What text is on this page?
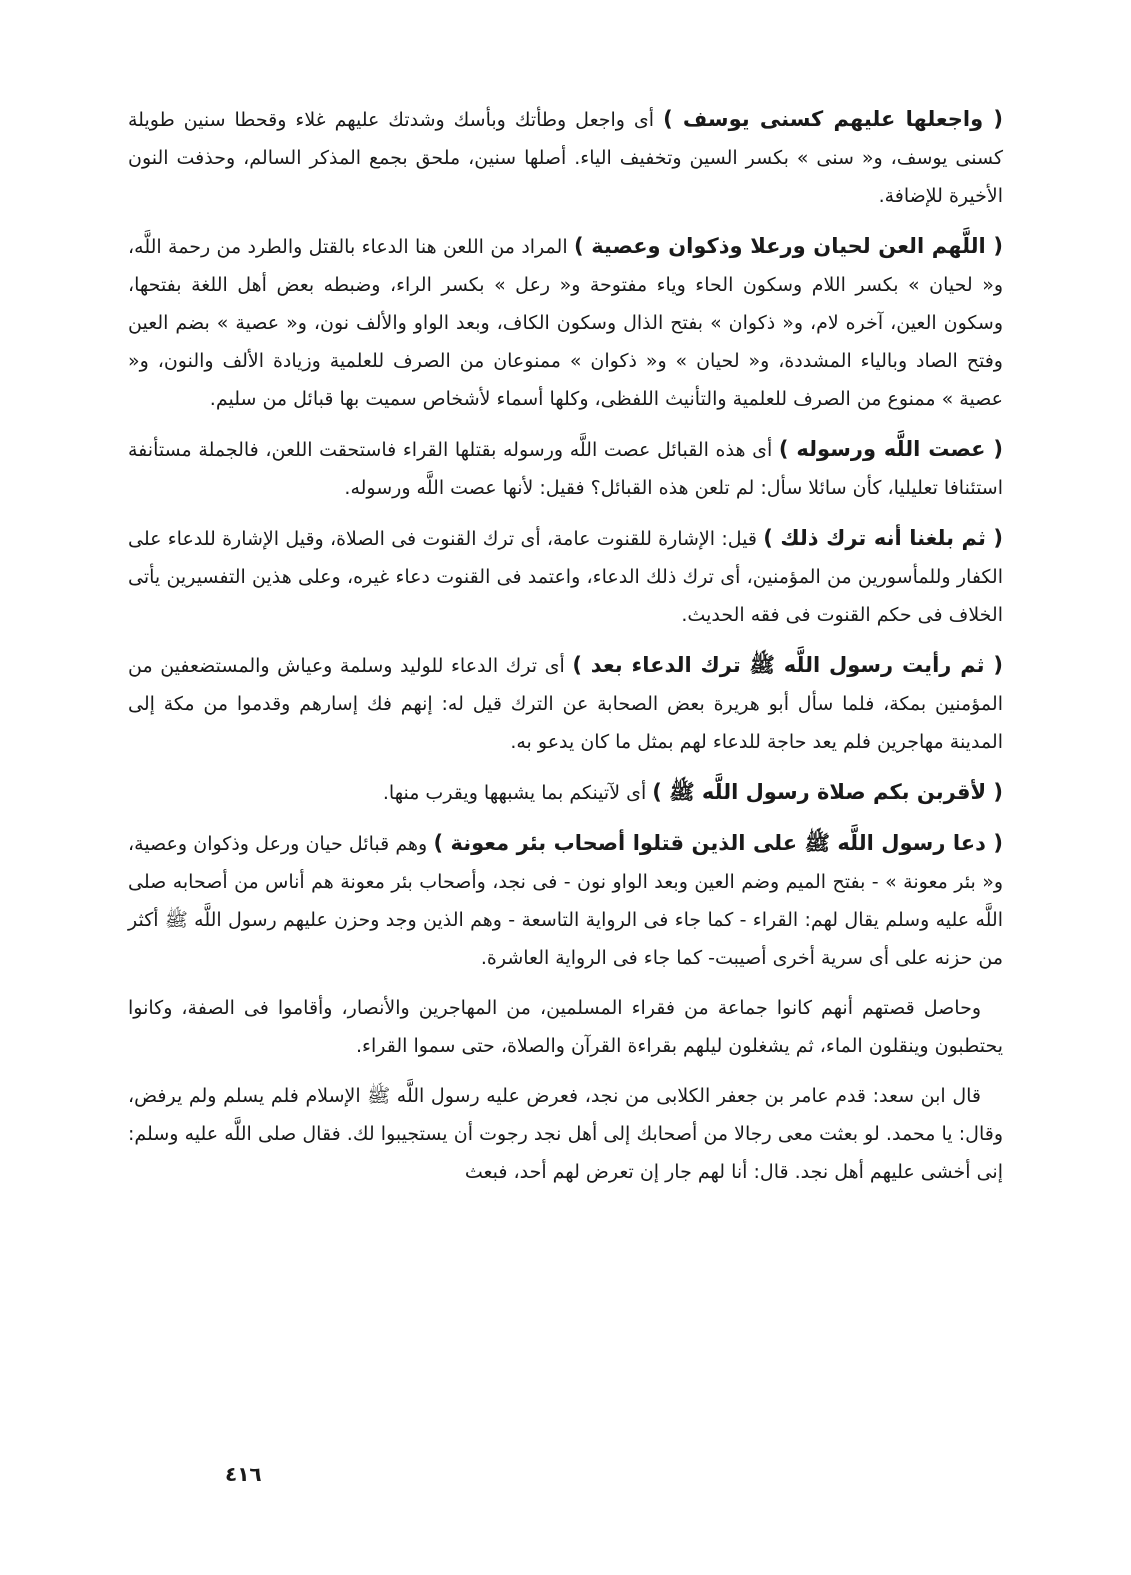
( واجعلها عليهم كسنى يوسف ) أى واجعل وطأتك وبأسك وشدتك عليهم غلاء وقحطا سنين طويلة كسنى يوسف، و« سنى » بكسر السين وتخفيف الياء. أصلها سنين، ملحق بجمع المذكر السالم، وحذفت النون الأخيرة للإضافة.

( اللَّهم العن لحيان ورعلا وذكوان وعصية ) المراد من اللعن هنا الدعاء بالقتل والطرد من رحمة اللَّه، و« لحيان » بكسر اللام وسكون الحاء وياء مفتوحة و« رعل » بكسر الراء، وضبطه بعض أهل اللغة بفتحها، وسكون العين، آخره لام، و« ذكوان » بفتح الذال وسكون الكاف، وبعد الواو والألف نون، و« عصية » بضم العين وفتح الصاد وبالياء المشددة، و« لحيان » و« ذكوان » ممنوعان من الصرف للعلمية وزيادة الألف والنون، و« عصية » ممنوع من الصرف للعلمية والتأنيث اللفظى، وكلها أسماء لأشخاص سميت بها قبائل من سليم.

( عصت اللَّه ورسوله ) أى هذه القبائل عصت اللَّه ورسوله بقتلها القراء فاستحقت اللعن، فالجملة مستأنفة استئنافا تعليليا، كأن سائلا سأل: لم تلعن هذه القبائل؟ فقيل: لأنها عصت اللَّه ورسوله.

( ثم بلغنا أنه ترك ذلك ) قيل: الإشارة للقنوت عامة، أى ترك القنوت فى الصلاة، وقيل الإشارة للدعاء على الكفار وللمأسورين من المؤمنين، أى ترك ذلك الدعاء، واعتمد فى القنوت دعاء غيره، وعلى هذين التفسيرين يأتى الخلاف فى حكم القنوت فى فقه الحديث.

( ثم رأيت رسول اللَّه ﷺ ترك الدعاء بعد ) أى ترك الدعاء للوليد وسلمة وعياش والمستضعفين من المؤمنين بمكة، فلما سأل أبو هريرة بعض الصحابة عن الترك قيل له: إنهم فك إسارهم وقدموا من مكة إلى المدينة مهاجرين فلم يعد حاجة للدعاء لهم بمثل ما كان يدعو به.

( لأقربن بكم صلاة رسول اللَّه ﷺ ) أى لآتينكم بما يشبهها ويقرب منها.

( دعا رسول اللَّه ﷺ على الذين قتلوا أصحاب بئر معونة ) وهم قبائل حيان ورعل وذكوان وعصية، و« بئر معونة » - بفتح الميم وضم العين وبعد الواو نون - فى نجد، وأصحاب بئر معونة هم أناس من أصحابه صلى اللَّه عليه وسلم يقال لهم: القراء - كما جاء فى الرواية التاسعة - وهم الذين وجد وحزن عليهم رسول اللَّه ﷺ أكثر من حزنه على أى سرية أخرى أصيبت- كما جاء فى الرواية العاشرة.

وحاصل قصتهم أنهم كانوا جماعة من فقراء المسلمين، من المهاجرين والأنصار، وأقاموا فى الصفة، وكانوا يحتطبون وينقلون الماء، ثم يشغلون ليلهم بقراءة القرآن والصلاة، حتى سموا القراء.

قال ابن سعد: قدم عامر بن جعفر الكلابى من نجد، فعرض عليه رسول اللَّه ﷺ الإسلام فلم يسلم ولم يرفض، وقال: يا محمد. لو بعثت معى رجالا من أصحابك إلى أهل نجد رجوت أن يستجيبوا لك. فقال صلى اللَّه عليه وسلم: إنى أخشى عليهم أهل نجد. قال: أنا لهم جار إن تعرض لهم أحد، فبعث

٤١٦
